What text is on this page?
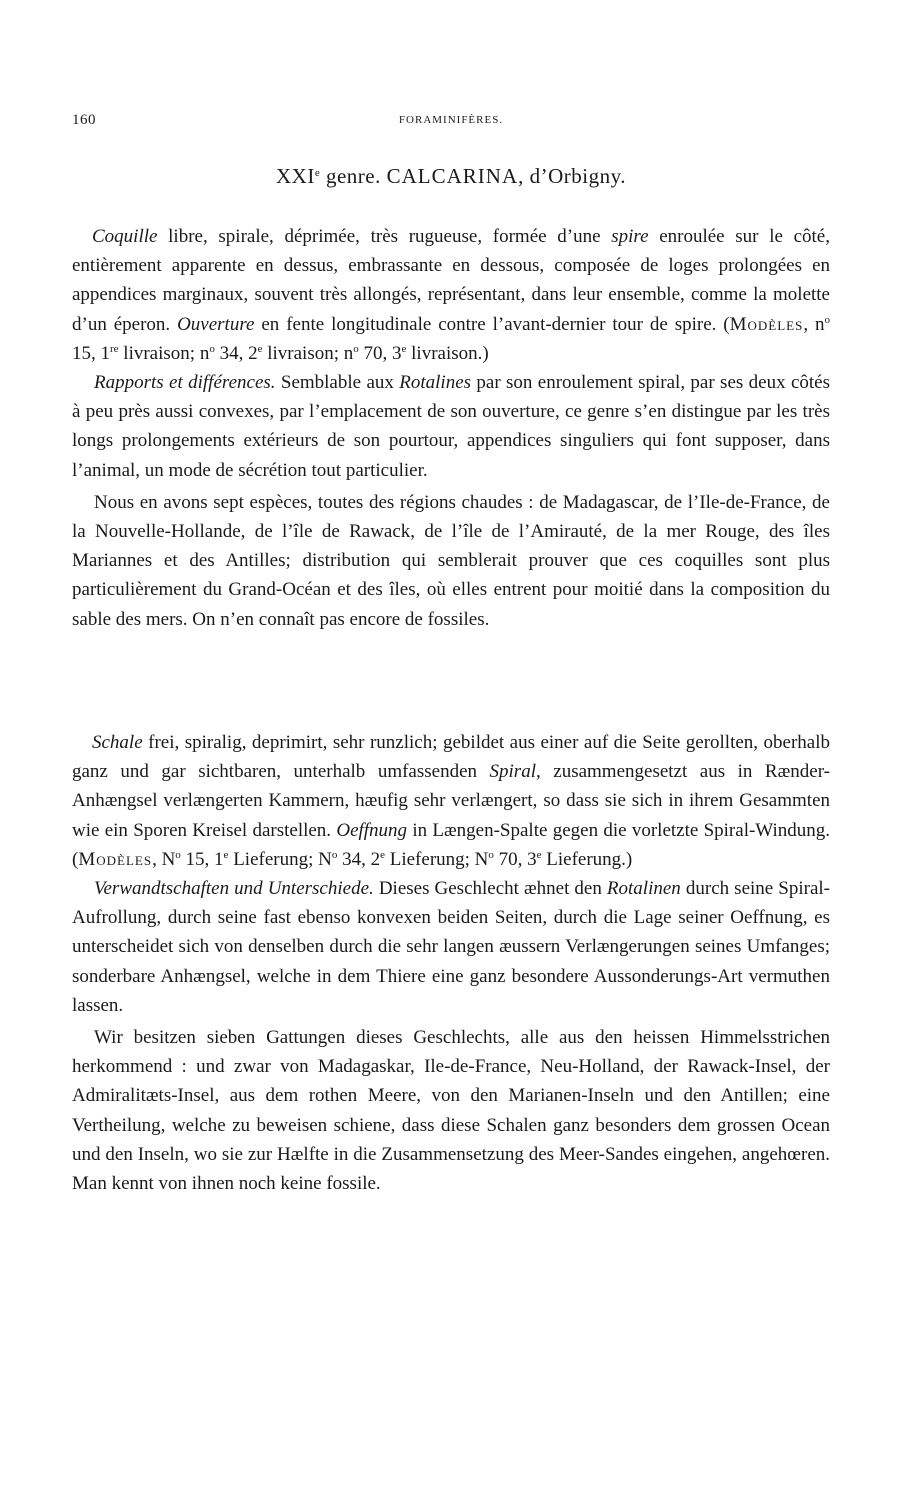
160	FORAMINIFÈRES.
XXIe genre. CALCARINA, d’Orbigny.

Coquille libre, spirale, déprimée, très rugueuse, formée d’une spire enroulée sur le côté, entièrement apparente en dessus, embrassante en dessous, composée de loges prolongées en appendices marginaux, souvent très allongés, représentant, dans leur ensemble, comme la molette d’un éperon. Ouverture en fente longitudinale contre l’avant-dernier tour de spire. (Modèles, $n^o$ 15, 1re livraison; $n^o$ 34, 2e livraison; $n^o$ 70, 3e livraison.)

Rapports et différences. Semblable aux Rotalines par son enroulement spiral, par ses deux côtés à peu près aussi convexes, par l’emplacement de son ouverture, ce genre s’en distingue par les très longs prolongements extérieurs de son pourtour, appendices singuliers qui font supposer, dans l’animal, un mode de sécrétion tout particulier.

Nous en avons sept espèces, toutes des régions chaudes : de Madagascar, de l’Ile-de-France, de la Nouvelle-Hollande, de l’île de Rawack, de l’île de l’Amirauté, de la mer Rouge, des îles Mariannes et des Antilles; distribution qui semblerait prouver que ces coquilles sont plus particulièrement du Grand-Océan et des îles, où elles entrent pour moitié dans la composition du sable des mers. On n’en connaît pas encore de fossiles.

Schale frei, spiralig, deprimirt, sehr runzlich; gebildet aus einer auf die Seite gerollten, oberhalb ganz und gar sichtbaren, unterhalb umfassenden Spiral, zusammengesetzt aus in Rænder-Anhængsel verlængerten Kammern, hæufig sehr verlængert, so dass sie sich in ihrem Gesammten wie ein Sporen Kreisel darstellen. Oeffnung in Længen-Spalte gegen die vorletzte Spiral-Windung. (Modèles, $N^o$ 15, 1e Lieferung; $N^o$ 34, 2e Lieferung; $N^o$ 70, 3e Lieferung.)

Verwandtschaften und Unterschiede. Dieses Geschlecht æhnet den Rotalinen durch seine Spiral-Aufrollung, durch seine fast ebenso konvexen beiden Seiten, durch die Lage seiner Oeffnung, es unterscheidet sich von denselben durch die sehr langen æussern Verlængerungen seines Umfanges; sonderbare Anhængsel, welche in dem Thiere eine ganz besondere Aussonderungs-Art vermuthen lassen.

Wir besitzen sieben Gattungen dieses Geschlechts, alle aus den heissen Himmelsstrichen herkommend : und zwar von Madagaskar, Ile-de-France, Neu-Holland, der Rawack-Insel, der Admiralitæts-Insel, aus dem rothen Meere, von den Marianen-Inseln und den Antillen; eine Vertheilung, welche zu beweisen schiene, dass diese Schalen ganz besonders dem grossen Ocean und den Inseln, wo sie zur Hælfte in die Zusammensetzung des Meer-Sandes eingehen, angehœren. Man kennt von ihnen noch keine fossile.
